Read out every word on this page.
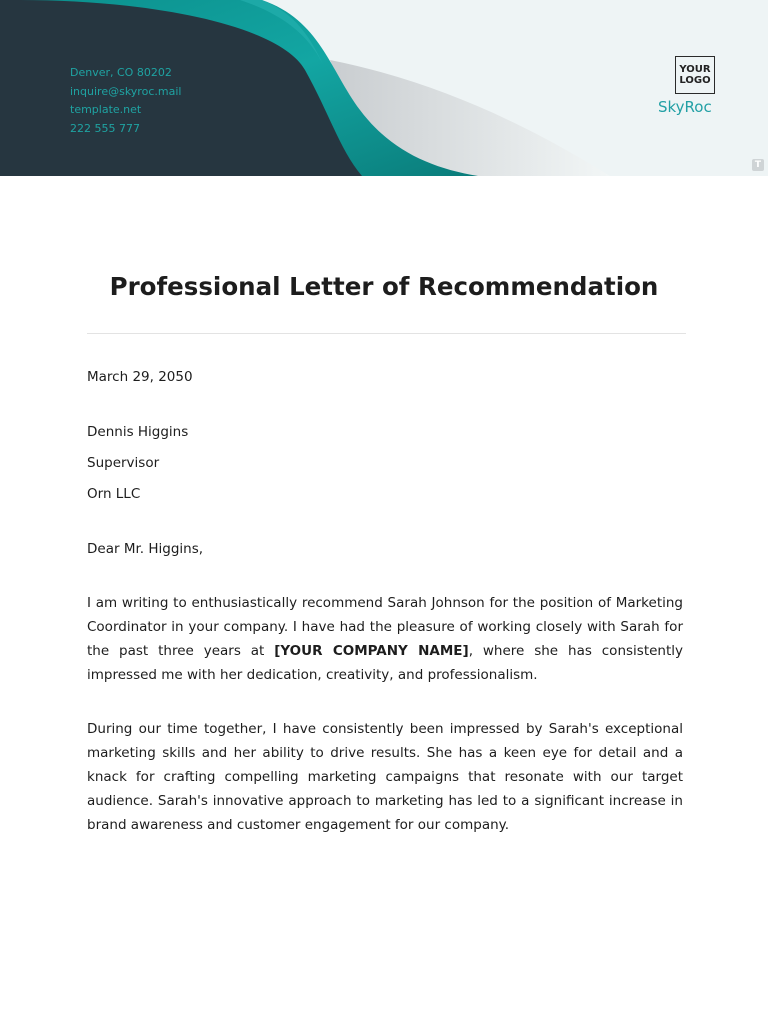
Denver, CO 80202
inquire@skyroc.mail
template.net
222 555 777
YOUR
LOGO
SkyRoc
T
Professional Letter of Recommendation
March 29, 2050
Dennis Higgins
Supervisor
Orn LLC
Dear Mr. Higgins,

I am writing to enthusiastically recommend Sarah Johnson for the position of Marketing Coordinator in your company. I have had the pleasure of working closely with Sarah for the past three years at [YOUR COMPANY NAME], where she has consistently impressed me with her dedication, creativity, and professionalism.

During our time together, I have consistently been impressed by Sarah's exceptional marketing skills and her ability to drive results. She has a keen eye for detail and a knack for crafting compelling marketing campaigns that resonate with our target audience. Sarah's innovative approach to marketing has led to a significant increase in brand awareness and customer engagement for our company.
